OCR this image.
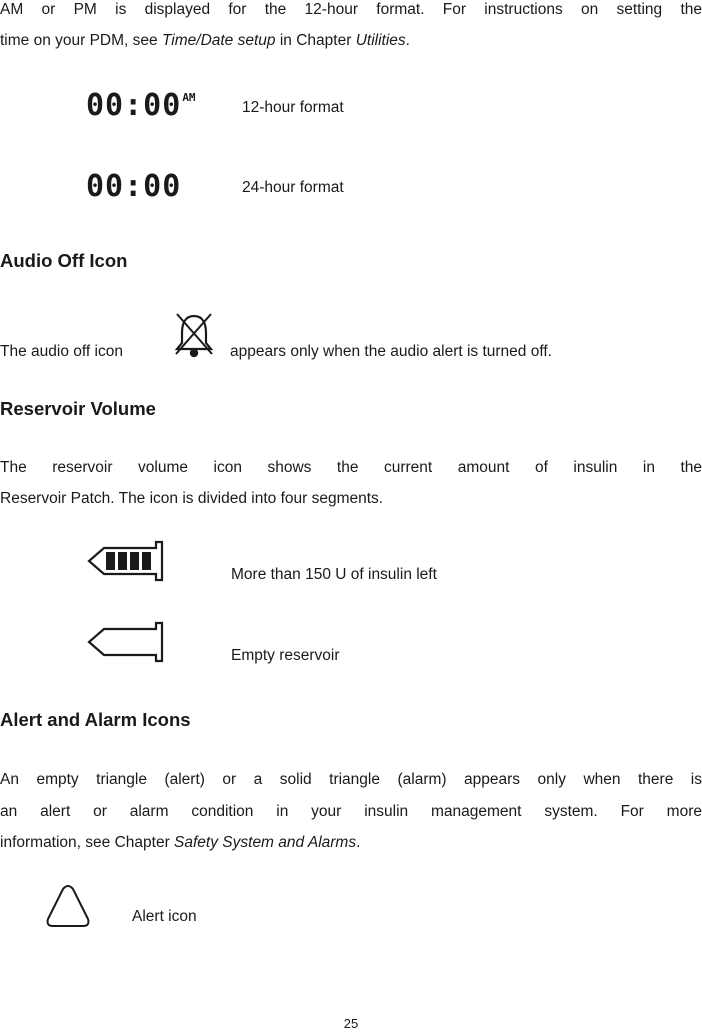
AM or PM is displayed for the 12-hour format. For instructions on setting the
time on your PDM, see Time/Date setup in Chapter Utilities.
$00:00^{AM}$
12-hour format
00:00	24-hour format
Audio Off Icon
The audio off icon	appears only when the audio alert is turned off.
Reservoir Volume
The reservoir volume icon shows the current amount of insulin in the
Reservoir Patch. The icon is divided into four segments.
More than 150 U of insulin left
Empty reservoir
Alert and Alarm Icons
An empty triangle (alert) or a solid triangle (alarm) appears only when there is
an alert or alarm condition in your insulin management system. For more
information, see Chapter Safety System and Alarms.
Alert icon
25
